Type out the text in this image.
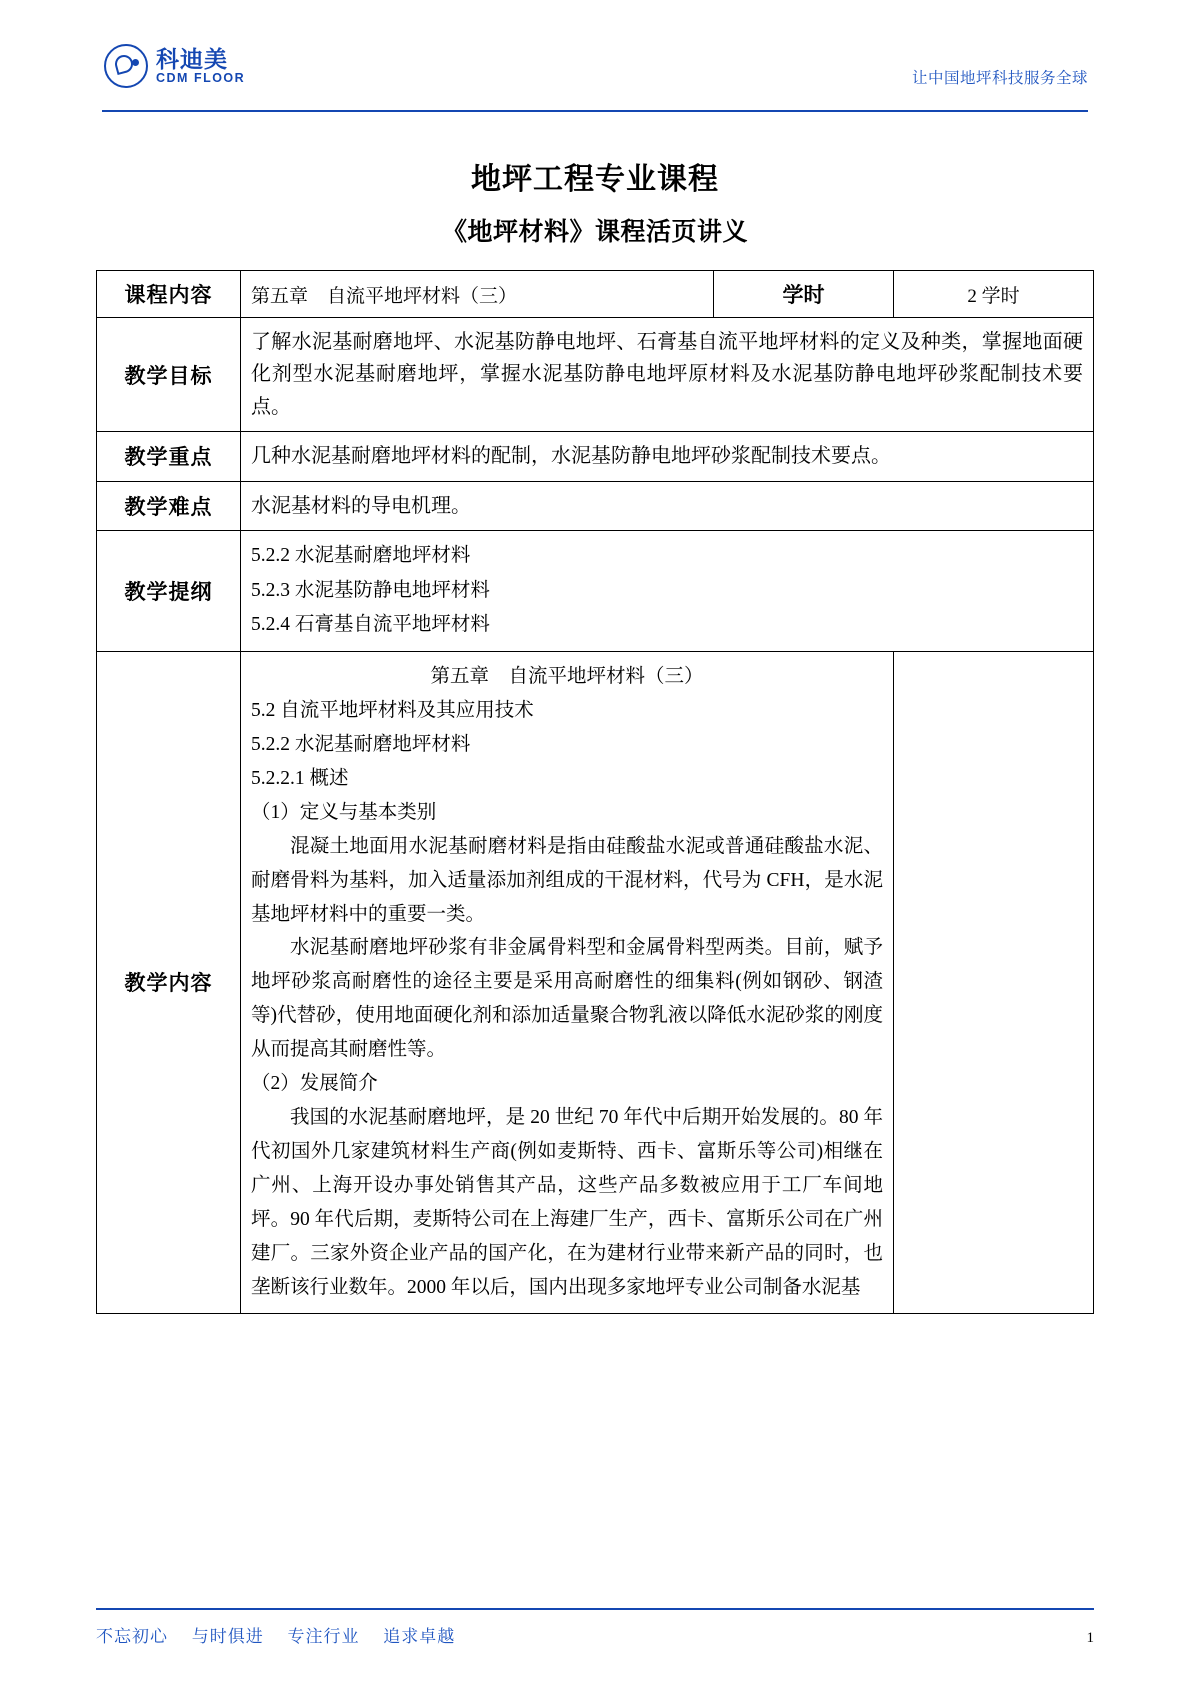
科迪美
CDM FLOOR	让中国地坪科技服务全球
地坪工程专业课程
《地坪材料》课程活页讲义
课程内容	第五章　自流平地坪材料（三）	学时	2 学时
教学目标	了解水泥基耐磨地坪、水泥基防静电地坪、石膏基自流平地坪材料的定义及种类，掌握地面硬化剂型水泥基耐磨地坪，掌握水泥基防静电地坪原材料及水泥基防静电地坪砂浆配制技术要点。		
教学重点	几种水泥基耐磨地坪材料的配制，水泥基防静电地坪砂浆配制技术要点。		
教学难点	水泥基材料的导电机理。		
教学提纲	5.2.2 水泥基耐磨地坪材料
5.2.3 水泥基防静电地坪材料
5.2.4 石膏基自流平地坪材料		

教学内容	

第五章　自流平地坪材料（三）

5.2 自流平地坪材料及其应用技术

5.2.2 水泥基耐磨地坪材料

5.2.2.1 概述

（1）定义与基本类别

混凝土地面用水泥基耐磨材料是指由硅酸盐水泥或普通硅酸盐水泥、耐磨骨料为基料，加入适量添加剂组成的干混材料，代号为 CFH，是水泥基地坪材料中的重要一类。

水泥基耐磨地坪砂浆有非金属骨料型和金属骨料型两类。目前，赋予地坪砂浆高耐磨性的途径主要是采用高耐磨性的细集料(例如钢砂、钢渣等)代替砂，使用地面硬化剂和添加适量聚合物乳液以降低水泥砂浆的刚度从而提高其耐磨性等。

（2）发展简介

我国的水泥基耐磨地坪，是 20 世纪 70 年代中后期开始发展的。80 年代初国外几家建筑材料生产商(例如麦斯特、西卡、富斯乐等公司)相继在广州、上海开设办事处销售其产品，这些产品多数被应用于工厂车间地坪。90 年代后期，麦斯特公司在上海建厂生产，西卡、富斯乐公司在广州建厂。三家外资企业产品的国产化，在为建材行业带来新产品的同时，也垄断该行业数年。2000 年以后，国内出现多家地坪专业公司制备水泥基

不忘初心 与时俱进 专注行业 追求卓越	1
